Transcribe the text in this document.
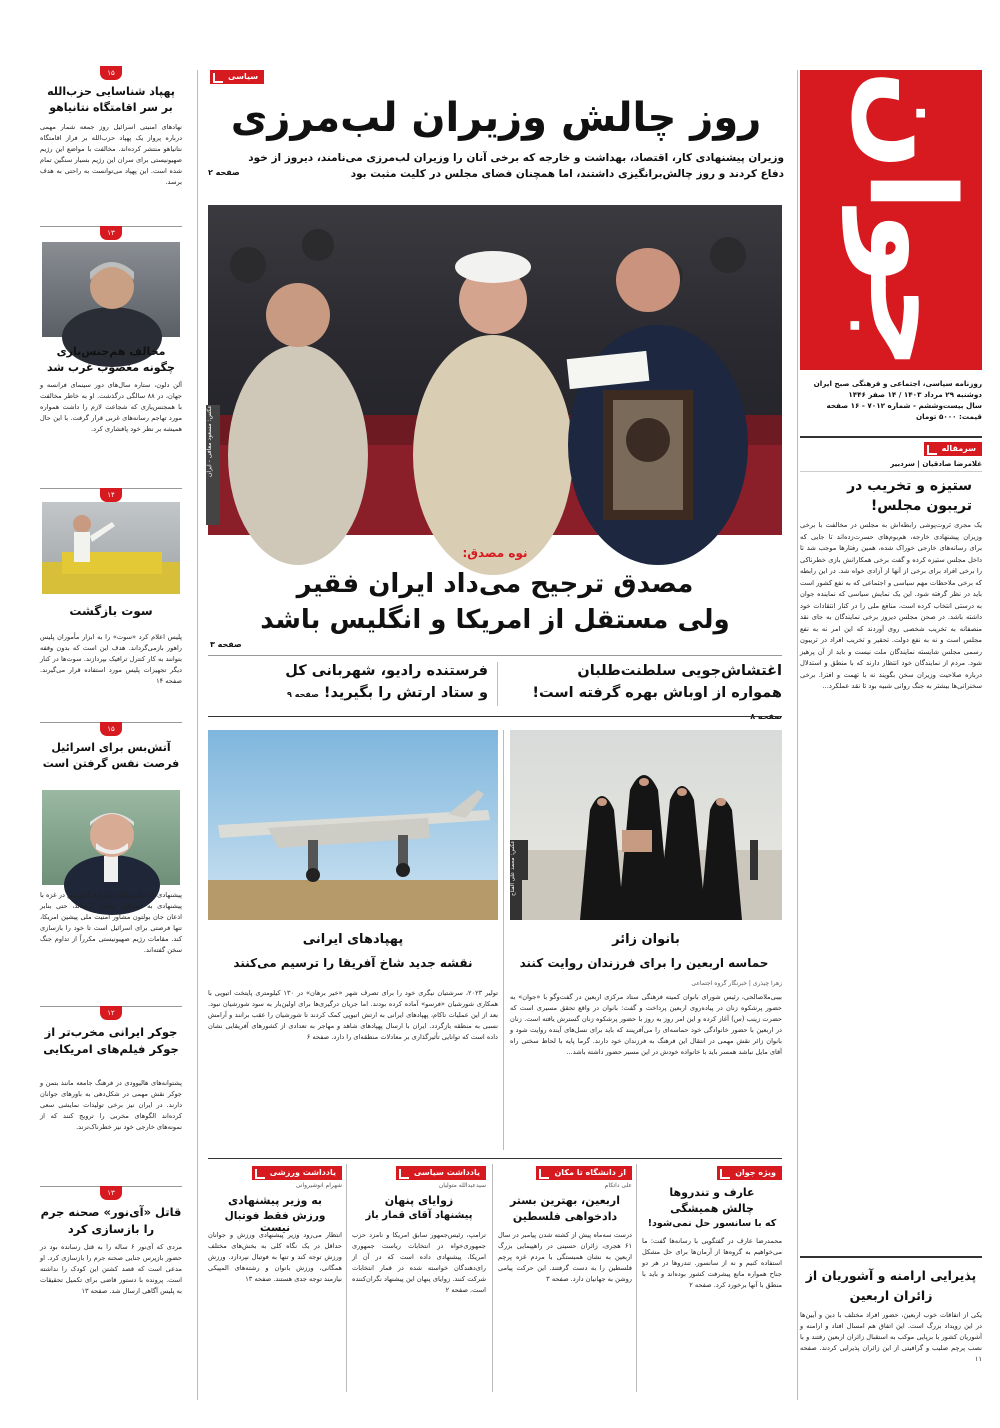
جوان
روزنامه سیاسی، اجتماعی و فرهنگی صبح ایران
دوشنبه ۲۹ مرداد ۱۴۰۳ / ۱۴ صفر ۱۴۴۶
سال بیست‌وششم - شماره ۷۰۱۲ - ۱۶ صفحه
قیمت: ۵۰۰۰ تومان
سرمقاله
غلامرضا صادقیان | سردبیر
ستیزه و تخریب در تریبون مجلس!
یک مجری ثروت‌پوشی رابطه‌اش به مجلس در مخالفت با برخی وزیران پیشنهادی خارجه، هم‌بوم‌های حسرت‌زده‌اند تا جایی که برای رسانه‌های خارجی خوراک شده، همین رفتارها موجب شد تا داخل مجلس ستیزه کرده و گفت برخی همکارانش بازی خطرناکی را برخی افراد برای برخی از آنها از آزادی خواه شد. در این رابطه که برخی ملاحظات مهم سیاسی و اجتماعی که به نفع کشور است باید در نظر گرفته شود. این یک نمایش سیاسی که نماینده جوان به درستی انتخاب کرده است، منافع ملی را در کنار انتقادات خود داشته باشد. در صحن مجلس دیروز برخی نمایندگان به جای نقد منصفانه به تخریب شخصی روی آوردند که این امر نه به نفع مجلس است و نه به نفع دولت. تحقیر و تخریب افراد در تریبون رسمی مجلس شایسته نمایندگان ملت نیست و باید از آن پرهیز شود. مردم از نمایندگان خود انتظار دارند که با منطق و استدلال درباره صلاحیت وزیران سخن بگویند نه با تهمت و افترا. برخی سخنرانی‌ها بیشتر به جنگ روانی شبیه بود تا نقد عملکرد...
پذیرایی ارامنه و آشوریان از زائران اربعین
یکی از اتفاقات خوب اربعین، حضور افراد مختلف با دین و آیین‌ها در این رویداد بزرگ است. این اتفاق هم امسال افتاد و ارامنه و آشوریان کشور با برپایی موکب به استقبال زائران اربعین رفتند و با نصب پرچم صلیب و گرافیتی از این زائران پذیرایی کردند. صفحه ۱۱
سیاسی
روز چالش وزیران لب‌مرزی
وزیران پیشنهادی کار، اقتصاد، بهداشت و خارجه که برخی آنان را وزیران لب‌مرزی می‌نامند، دیروز از خود دفاع کردند و روز چالش‌برانگیزی داشتند، اما همچنان فضای مجلس در کلیت مثبت بود
صفحه ۲
عکس: مسعود معافی - ایران
نوه مصدق:
مصدق ترجیح می‌داد ایران فقیر
ولی مستقل از امریکا و انگلیس باشد
صفحه ۳
اغتشاش‌جویی سلطنت‌طلبان
همواره از اوباش بهره گرفته است!
فرستنده رادیو، شهربانی کل
و ستاد ارتش را بگیرید! صفحه ۹
عکس: محمد علی الفتاح
بانوان زائر
حماسه اربعین را برای فرزندان روایت کنند
زهرا چیذری | خبرنگار گروه اجتماعی
بیبی‌ملاصالحی، رئیس شورای بانوان کمیته فرهنگی ستاد مرکزی اربعین در گفت‌وگو با «جوان» به حضور پرشکوه زنان در پیاده‌روی اربعین پرداخت و گفت: بانوان در واقع تحقق مسیری است که حضرت زینب (س) آغاز کرده و این امر روز به روز با حضور پرشکوه زنان گسترش یافته است. زنان در اربعین با حضور خانوادگی خود حماسه‌ای را می‌آفرینند که باید برای نسل‌های آینده روایت شود و بانوان زائر نقش مهمی در انتقال این فرهنگ به فرزندان خود دارند. گرما پایه با لحاظ سختی راه آقای مایل نباشد همسر باید با خانواده خودش در این مسیر حضور داشته باشد...
پهپادهای ایرانی
نقشه جدید شاخ آفریقا را ترسیم می‌کنند
تولیر ۲۰۲۳، سرشتیان نیگری خود را برای تصرف شهر «خیر برهان» در ۱۳۰ کیلومتری پایتخت اتیوپی با همکاری شورشیان «فرسو» آماده کرده بودند. اما جریان درگیری‌ها برای اولین‌بار به سود شورشیان نبود. بعد از این عملیات ناکام، پهپادهای ایرانی به ارتش اتیوپی کمک کردند تا شورشیان را عقب برانند و آرامش نسبی به منطقه بازگردد. ایران با ارسال پهپادهای شاهد و مهاجر به تعدادی از کشورهای آفریقایی نشان داده است که توانایی تأثیرگذاری بر معادلات منطقه‌ای را دارد. صفحه ۶
ویژه جوان
عارف و تندروها
چالش همیشگی
که با سانسور حل نمی‌شود!
محمدرضا عارف در گفتگویی با رسانه‌ها گفت: ما می‌خواهیم به گروه‌ها از آرمان‌ها برای حل مشکل استفاده کنیم و نه از سانسور. تندروها در هر دو جناح همواره مانع پیشرفت کشور بوده‌اند و باید با منطق با آنها برخورد کرد. صفحه ۲
از دانشگاه تا مکان
علی داتکام
اربعین، بهترین بستر
دادخواهی فلسطین
درست سه‌ماه پیش از کشته شدن پیامبر در سال ۶۱ هجری، زائران حسینی در راهپیمایی بزرگ اربعین به نشان همبستگی با مردم غزه پرچم فلسطین را به دست گرفتند. این حرکت پیامی روشن به جهانیان دارد. صفحه ۳
یادداشت سیاسی
سیدعبدالله متولیان
زوایای پنهان
پیشنهاد آقای قمار باز
ترامپ، رئیس‌جمهور سابق امریکا و نامزد حزب جمهوری‌خواه در انتخابات ریاست جمهوری امریکا، پیشنهادی داده است که در آن از رای‌دهندگان خواسته شده در قمار انتخابات شرکت کنند. زوایای پنهان این پیشنهاد نگران‌کننده است. صفحه ۲
یادداشت ورزشی
شهرام انوشیروانی
به وزیر پیشنهادی
ورزش فقط فوتبال نیست
انتظار می‌رود وزیر پیشنهادی ورزش و جوانان حداقل در یک نگاه کلی به بخش‌های مختلف ورزش توجه کند و تنها به فوتبال نپردازد. ورزش همگانی، ورزش بانوان و رشته‌های المپیکی نیازمند توجه جدی هستند. صفحه ۱۳
۱۵
پهپاد شناسایی حزب‌الله بر سر اقامتگاه نتانیاهو
نهادهای امنیتی اسرائیل روز جمعه شمار مهمی درباره پرواز یک پهپاد حزب‌الله بر فراز اقامتگاه نتانیاهو منتشر کرده‌اند. مخالفت با مواضع این رژیم صهیونیستی برای سران این رژیم بسیار سنگین تمام شده است. این پهپاد می‌توانست به راحتی به هدف برسد.
۱۳
مخالف هم‌جنس‌بازی چگونه مغضوب غرب شد
آلن دلون، ستاره سال‌های دور سینمای فرانسه و جهان، در ۸۸ سالگی درگذشت. او به خاطر مخالفت با همجنس‌بازی که شجاعت لازم را داشت همواره مورد تهاجم رسانه‌های غربی قرار گرفت. با این حال همیشه بر نظر خود پافشاری کرد.
۱۴
سوت بازگشت
پلیس اعلام کرد «سوت» را به ابزار مأموران پلیس راهور بازمی‌گرداند. هدف این است که بدون وقفه بتوانند به کار کنترل ترافیک بپردازند. سوت‌ها در کنار دیگر تجهیزات پلیس مورد استفاده قرار می‌گیرند. صفحه ۱۴
۱۵
آتش‌بس برای اسرائیل فرصت نفس گرفتن است
پیشنهادی که میانجی‌های برقراری آتش‌بس در غزه با پیشنهادی به اسرائیل مطرح کرده‌اند، حتی بنابر اذعان جان بولتون مشاور امنیت ملی پیشین امریکا، تنها فرصتی برای اسرائیل است تا خود را بازسازی کند. مقامات رژیم صهیونیستی مکرراً از تداوم جنگ سخن گفته‌اند.
۱۲
جوکر ایرانی مخرب‌تر از جوکر فیلم‌های امریکایی
پشتوانه‌های هالیوودی در فرهنگ جامعه مانند بتمن و جوکر نقش مهمی در شکل‌دهی به باورهای جوانان دارند. در ایران نیز برخی تولیدات نمایشی سعی کرده‌اند الگوهای مخربی را ترویج کنند که از نمونه‌های خارجی خود نیز خطرناک‌ترند.
۱۳
قاتل «آی‌نور» صحنه جرم را بازسازی کرد
مردی که آی‌نور ۶ ساله را به قتل رسانده بود در حضور بازپرس جنایی صحنه جرم را بازسازی کرد. او مدعی است که قصد کشتن این کودک را نداشته است. پرونده با دستور قاضی برای تکمیل تحقیقات به پلیس آگاهی ارسال شد. صفحه ۱۳
